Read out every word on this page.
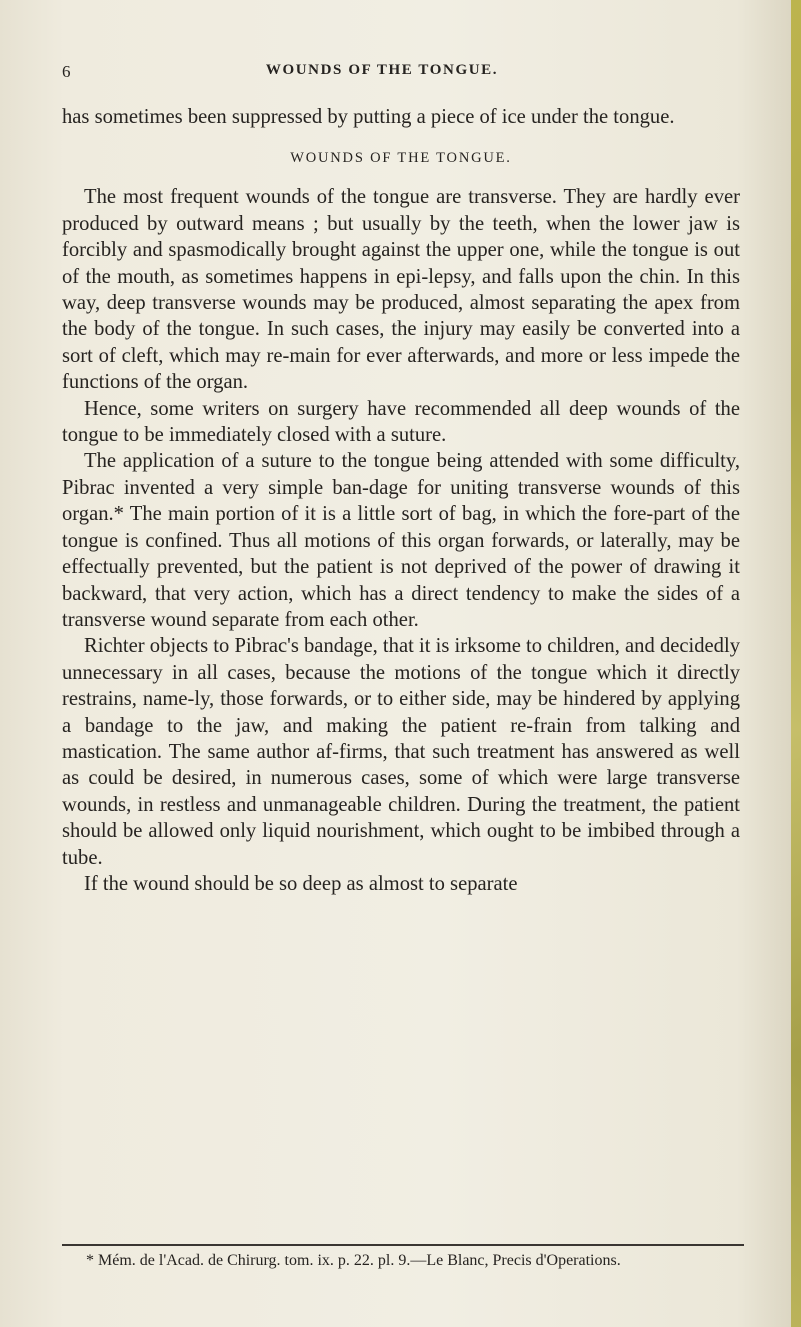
6	WOUNDS OF THE TONGUE.

has sometimes been suppressed by putting a piece of ice under the tongue.

WOUNDS OF THE TONGUE.

The most frequent wounds of the tongue are transverse. They are hardly ever produced by outward means ; but usually by the teeth, when the lower jaw is forcibly and spasmodically brought against the upper one, while the tongue is out of the mouth, as sometimes happens in epi-lepsy, and falls upon the chin. In this way, deep transverse wounds may be produced, almost separating the apex from the body of the tongue. In such cases, the injury may easily be converted into a sort of cleft, which may re-main for ever afterwards, and more or less impede the functions of the organ.

Hence, some writers on surgery have recommended all deep wounds of the tongue to be immediately closed with a suture.

The application of a suture to the tongue being attended with some difficulty, Pibrac invented a very simple ban-dage for uniting transverse wounds of this organ.* The main portion of it is a little sort of bag, in which the fore-part of the tongue is confined. Thus all motions of this organ forwards, or laterally, may be effectually prevented, but the patient is not deprived of the power of drawing it backward, that very action, which has a direct tendency to make the sides of a transverse wound separate from each other.

Richter objects to Pibrac's bandage, that it is irksome to children, and decidedly unnecessary in all cases, because the motions of the tongue which it directly restrains, name-ly, those forwards, or to either side, may be hindered by applying a bandage to the jaw, and making the patient re-frain from talking and mastication. The same author af-firms, that such treatment has answered as well as could be desired, in numerous cases, some of which were large transverse wounds, in restless and unmanageable children. During the treatment, the patient should be allowed only liquid nourishment, which ought to be imbibed through a tube.

If the wound should be so deep as almost to separate

* Mém. de l'Acad. de Chirurg. tom. ix. p. 22. pl. 9.—Le Blanc, Precis d'Operations.
